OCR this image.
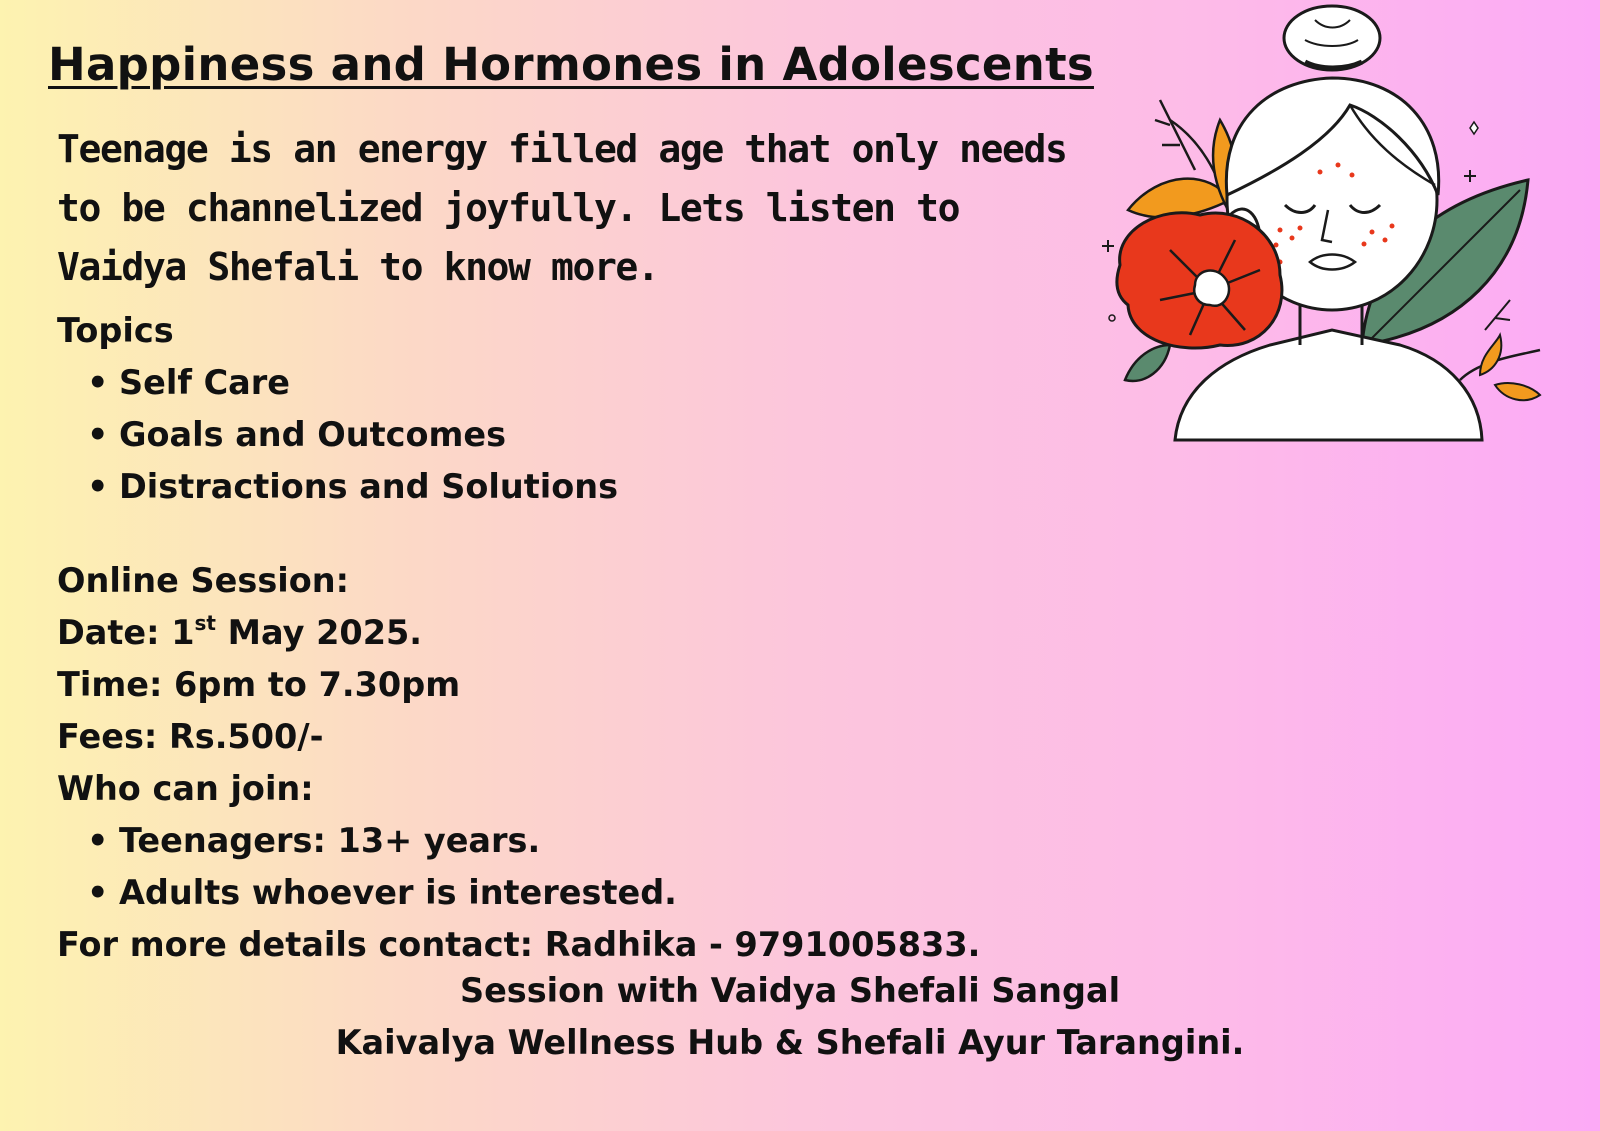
Happiness and Hormones in Adolescents

Teenage is an energy filled age that only needs to be channelized joyfully. Lets listen to Vaidya Shefali to know more.

Topics
• Self Care
• Goals and Outcomes
• Distractions and Solutions
Online Session:
Date: 1st May 2025.
Time: 6pm to 7.30pm
Fees: Rs.500/-
Who can join:
• Teenagers: 13+ years.
• Adults whoever is interested.
For more details contact: Radhika - 9791005833.
Session with Vaidya Shefali Sangal
Kaivalya Wellness Hub & Shefali Ayur Tarangini.
